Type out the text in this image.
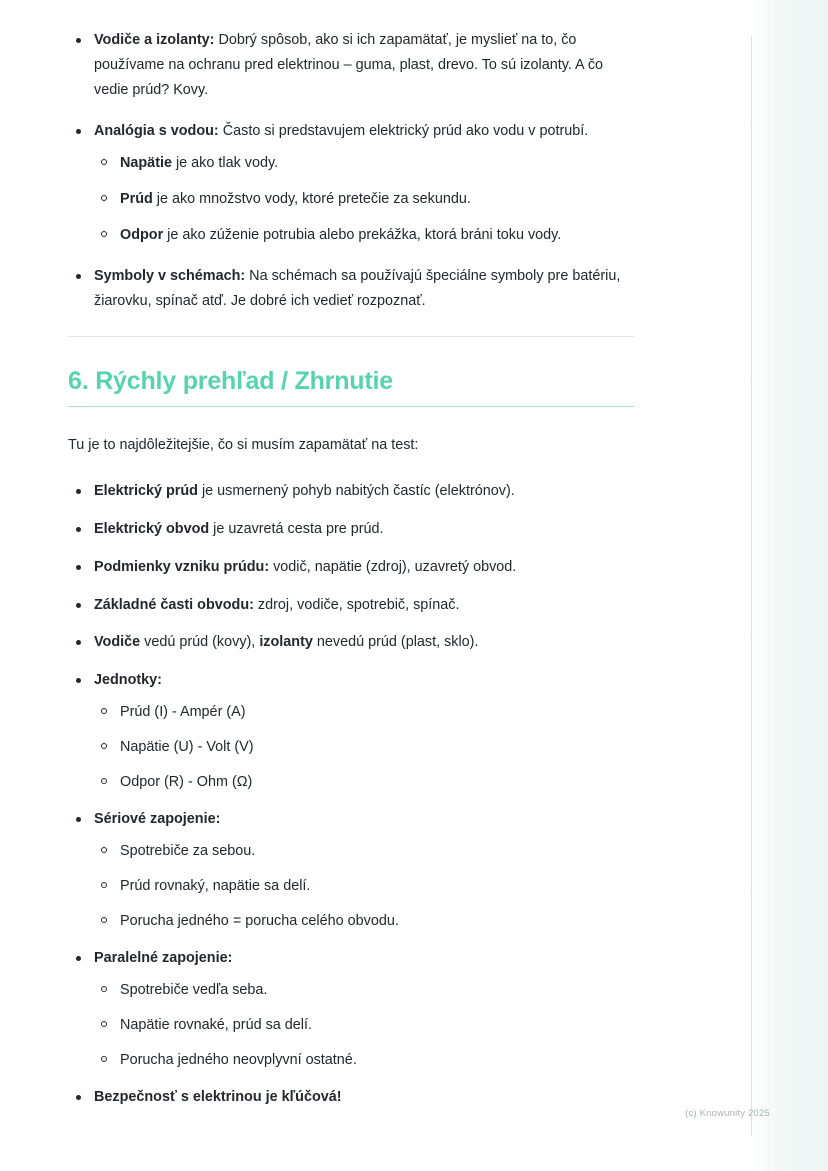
Vodiče a izolanty: Dobrý spôsob, ako si ich zapamätať, je myslieť na to, čo používame na ochranu pred elektrinou – guma, plast, drevo. To sú izolanty. A čo vedie prúd? Kovy.
Analógia s vodou: Často si predstavujem elektrický prúd ako vodu v potrubí.
Napätie je ako tlak vody.
Prúd je ako množstvo vody, ktoré pretečie za sekundu.
Odpor je ako zúženie potrubia alebo prekážka, ktorá bráni toku vody.
Symboly v schémach: Na schémach sa používajú špeciálne symboly pre batériu, žiarovku, spínač atď. Je dobré ich vedieť rozpoznať.
6. Rýchly prehľad / Zhrnutie

Tu je to najdôležitejšie, čo si musím zapamätať na test:

Elektrický prúd je usmernený pohyb nabitých častíc (elektrónov).
Elektrický obvod je uzavretá cesta pre prúd.
Podmienky vzniku prúdu: vodič, napätie (zdroj), uzavretý obvod.
Základné časti obvodu: zdroj, vodiče, spotrebič, spínač.
Vodiče vedú prúd (kovy), izolanty nevedú prúd (plast, sklo).
Jednotky:
Prúd (I) - Ampér (A)
Napätie (U) - Volt (V)
Odpor (R) - Ohm (Ω)
Sériové zapojenie:
Spotrebiče za sebou.
Prúd rovnaký, napätie sa delí.
Porucha jedného = porucha celého obvodu.
Paralelné zapojenie:
Spotrebiče vedľa seba.
Napätie rovnaké, prúd sa delí.
Porucha jedného neovplyvní ostatné.
Bezpečnosť s elektrinou je kľúčová!
(c) Knowunity 2025
